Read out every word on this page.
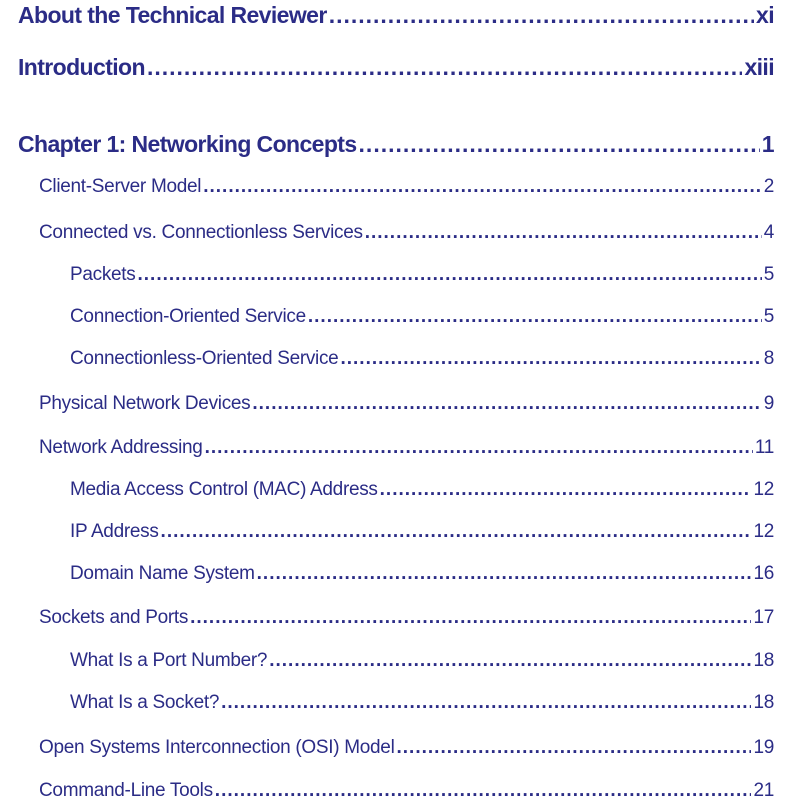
About the Technical Reviewer .....	xi
Introduction .....	xiii
Chapter 1: Networking Concepts .....	1
Client-Server Model .....	2
Connected vs. Connectionless Services .....	4
Packets .....	5
Connection-Oriented Service .....	5
Connectionless-Oriented Service .....	8
Physical Network Devices .....	9
Network Addressing .....	11
Media Access Control (MAC) Address .....	12
IP Address .....	12
Domain Name System .....	16
Sockets and Ports .....	17
What Is a Port Number? .....	18
What Is a Socket? .....	18
Open Systems Interconnection (OSI) Model .....	19
Command-Line Tools .....	21
